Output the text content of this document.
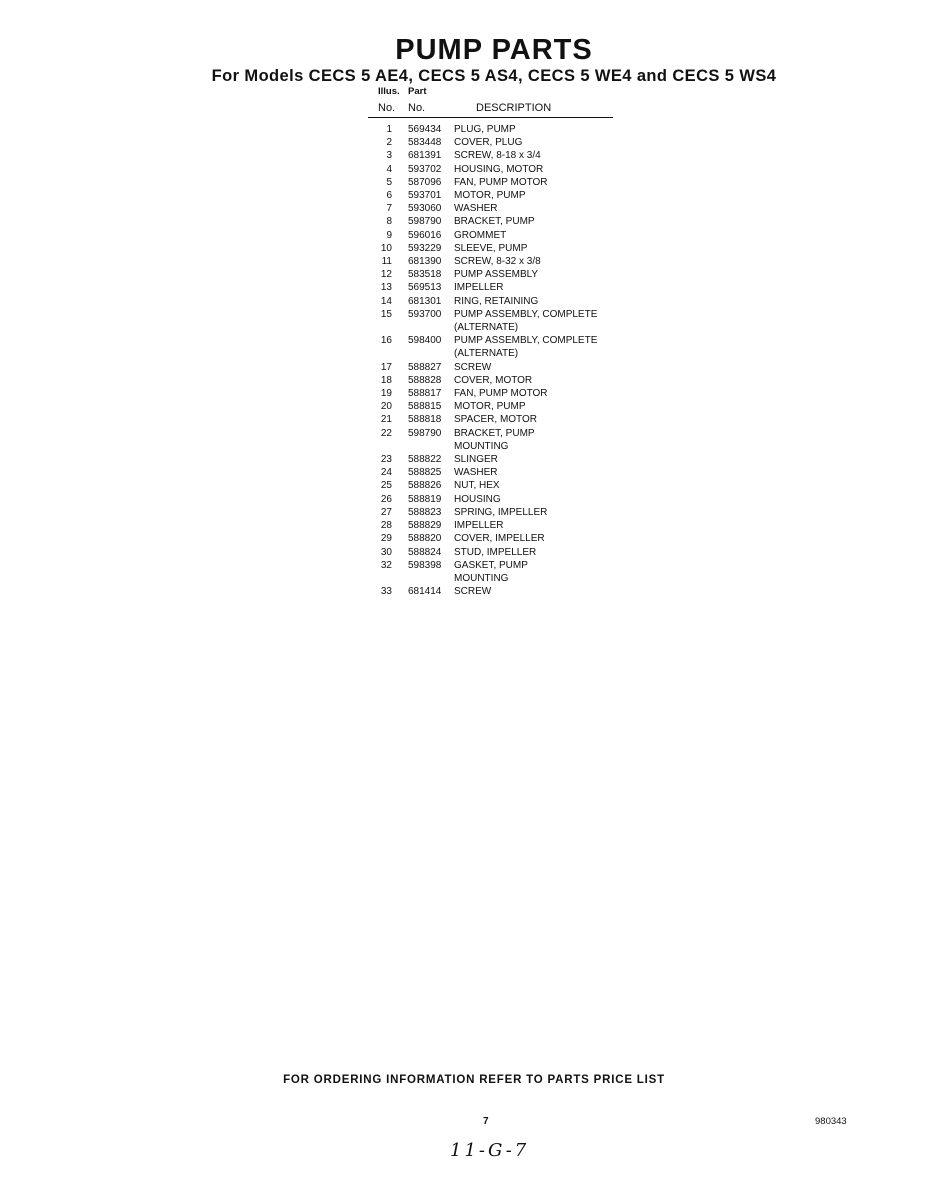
PUMP PARTS
For Models CECS 5 AE4, CECS 5 AS4, CECS 5 WE4 and CECS 5 WS4
Illus. Part
No. No.	DESCRIPTION
1 569434 PLUG, PUMP
2 583448 COVER, PLUG
3 681391 SCREW, 8-18 x 3/4
4 593702 HOUSING, MOTOR
5 587096 FAN, PUMP MOTOR
6 593701 MOTOR, PUMP
7 593060 WASHER
8 598790 BRACKET, PUMP
9 596016 GROMMET
10 593229 SLEEVE, PUMP
11 681390 SCREW, 8-32 x 3/8
12 583518 PUMP ASSEMBLY
13 569513 IMPELLER
14 681301 RING, RETAINING
15 593700 PUMP ASSEMBLY, COMPLETE
(ALTERNATE)
16 598400 PUMP ASSEMBLY, COMPLETE
(ALTERNATE)
17 588827 SCREW
18 588828 COVER, MOTOR
19 588817 FAN, PUMP MOTOR
20 588815 MOTOR, PUMP
21 588818 SPACER, MOTOR
22 598790 BRACKET, PUMP
MOUNTING
23 588822 SLINGER
24 588825 WASHER
25 588826 NUT, HEX
26 588819 HOUSING
27 588823 SPRING, IMPELLER
28 588829 IMPELLER
29 588820 COVER, IMPELLER
30 588824 STUD, IMPELLER
32 598398 GASKET, PUMP
MOUNTING
33 681414 SCREW
FOR ORDERING INFORMATION REFER TO PARTS PRICE LIST
7	980343
11-G-7
